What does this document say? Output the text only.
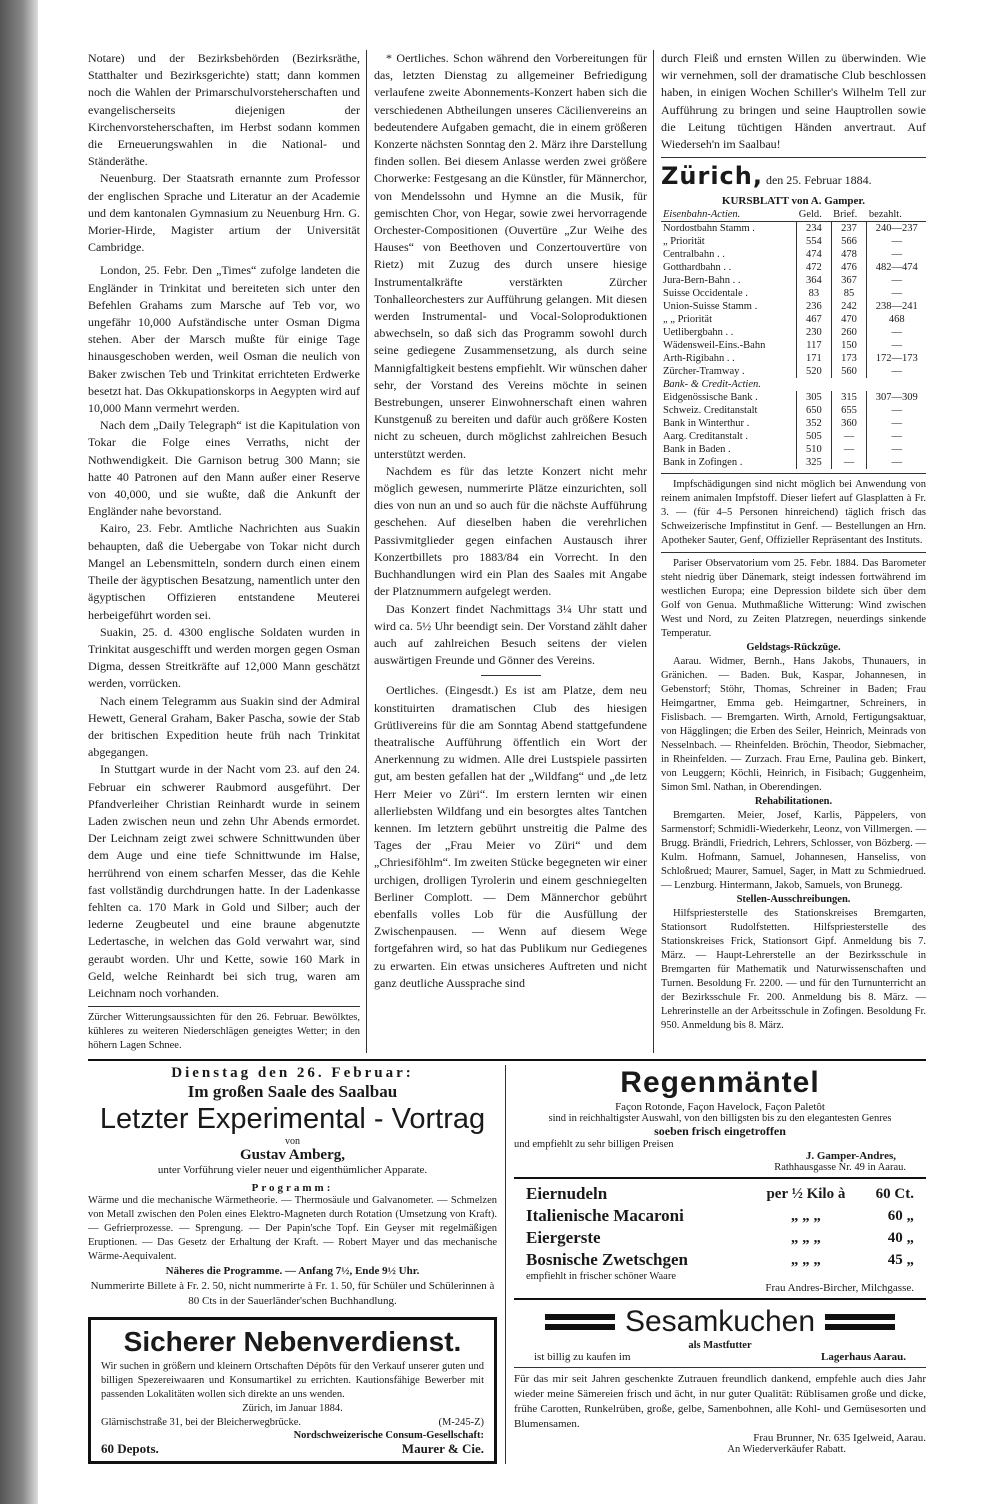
Notare) und der Bezirksbehörden (Bezirksräthe, Statthalter und Bezirksgerichte) statt; dann kommen noch die Wahlen der Primarschulvorsteherschaften und evangelischerseits diejenigen der Kirchenvorsteherschaften, im Herbst sodann kommen die Erneuerungswahlen in die National- und Ständeräthe.

Neuenburg. Der Staatsrath ernannte zum Professor der englischen Sprache und Literatur an der Academie und dem kantonalen Gymnasium zu Neuenburg Hrn. G. Morier-Hirde, Magister artium der Universität Cambridge.

London, 25. Febr. Den „Times“ zufolge landeten die Engländer in Trinkitat und bereiteten sich unter den Befehlen Grahams zum Marsche auf Teb vor, wo ungefähr 10,000 Aufständische unter Osman Digma stehen. Aber der Marsch mußte für einige Tage hinausgeschoben werden, weil Osman die neulich von Baker zwischen Teb und Trinkitat errichteten Erdwerke besetzt hat. Das Okkupationskorps in Aegypten wird auf 10,000 Mann vermehrt werden.

Nach dem „Daily Telegraph“ ist die Kapitulation von Tokar die Folge eines Verraths, nicht der Nothwendigkeit. Die Garnison betrug 300 Mann; sie hatte 40 Patronen auf den Mann außer einer Reserve von 40,000, und sie wußte, daß die Ankunft der Engländer nahe bevorstand.

Kairo, 23. Febr. Amtliche Nachrichten aus Suakin behaupten, daß die Uebergabe von Tokar nicht durch Mangel an Lebensmitteln, sondern durch einen einem Theile der ägyptischen Besatzung, namentlich unter den ägyptischen Offizieren entstandene Meuterei herbeigeführt worden sei.

Suakin, 25. d. 4300 englische Soldaten wurden in Trinkitat ausgeschifft und werden morgen gegen Osman Digma, dessen Streitkräfte auf 12,000 Mann geschätzt werden, vorrücken.

Nach einem Telegramm aus Suakin sind der Admiral Hewett, General Graham, Baker Pascha, sowie der Stab der britischen Expedition heute früh nach Trinkitat abgegangen.

In Stuttgart wurde in der Nacht vom 23. auf den 24. Februar ein schwerer Raubmord ausgeführt. Der Pfandverleiher Christian Reinhardt wurde in seinem Laden zwischen neun und zehn Uhr Abends ermordet. Der Leichnam zeigt zwei schwere Schnittwunden über dem Auge und eine tiefe Schnittwunde im Halse, herrührend von einem scharfen Messer, das die Kehle fast vollständig durchdrungen hatte. In der Ladenkasse fehlten ca. 170 Mark in Gold und Silber; auch der lederne Zeugbeutel und eine braune abgenutzte Ledertasche, in welchen das Gold verwahrt war, sind geraubt worden. Uhr und Kette, sowie 160 Mark in Geld, welche Reinhardt bei sich trug, waren am Leichnam noch vorhanden.

Zürcher Witterungsaussichten für den 26. Februar. Bewölktes, kühleres zu weiteren Niederschlägen geneigtes Wetter; in den höhern Lagen Schnee.

* Oertliches. Schon während den Vorbereitungen für das, letzten Dienstag zu allgemeiner Befriedigung verlaufene zweite Abonnements-Konzert haben sich die verschiedenen Abtheilungen unseres Cäcilienvereins an bedeutendere Aufgaben gemacht, die in einem größeren Konzerte nächsten Sonntag den 2. März ihre Darstellung finden sollen. Bei diesem Anlasse werden zwei größere Chorwerke: Festgesang an die Künstler, für Männerchor, von Mendelssohn und Hymne an die Musik, für gemischten Chor, von Hegar, sowie zwei hervorragende Orchester-Compositionen (Ouvertüre „Zur Weihe des Hauses“ von Beethoven und Conzertouvertüre von Rietz) mit Zuzug des durch unsere hiesige Instrumentalkräfte verstärkten Zürcher Tonhalleorchesters zur Aufführung gelangen. Mit diesen werden Instrumental- und Vocal-Soloproduktionen abwechseln, so daß sich das Programm sowohl durch seine gediegene Zusammensetzung, als durch seine Mannigfaltigkeit bestens empfiehlt. Wir wünschen daher sehr, der Vorstand des Vereins möchte in seinen Bestrebungen, unserer Einwohnerschaft einen wahren Kunstgenuß zu bereiten und dafür auch größere Kosten nicht zu scheuen, durch möglichst zahlreichen Besuch unterstützt werden.

Nachdem es für das letzte Konzert nicht mehr möglich gewesen, nummerirte Plätze einzurichten, soll dies von nun an und so auch für die nächste Aufführung geschehen. Auf dieselben haben die verehrlichen Passivmitglieder gegen einfachen Austausch ihrer Konzertbillets pro 1883/84 ein Vorrecht. In den Buchhandlungen wird ein Plan des Saales mit Angabe der Platznummern aufgelegt werden.

Das Konzert findet Nachmittags 3¼ Uhr statt und wird ca. 5½ Uhr beendigt sein. Der Vorstand zählt daher auch auf zahlreichen Besuch seitens der vielen auswärtigen Freunde und Gönner des Vereins.

Oertliches. (Eingesdt.) Es ist am Platze, dem neu konstituirten dramatischen Club des hiesigen Grütlivereins für die am Sonntag Abend stattgefundene theatralische Aufführung öffentlich ein Wort der Anerkennung zu widmen. Alle drei Lustspiele passirten gut, am besten gefallen hat der „Wildfang“ und „de letz Herr Meier vo Züri“. Im erstern lernten wir einen allerliebsten Wildfang und ein besorgtes altes Tantchen kennen. Im letztern gebührt unstreitig die Palme des Tages der „Frau Meier vo Züri“ und dem „Chriesiföhlm“. Im zweiten Stücke begegneten wir einer urchigen, drolligen Tyrolerin und einem geschniegelten Berliner Complott. — Dem Männerchor gebührt ebenfalls volles Lob für die Ausfüllung der Zwischenpausen. — Wenn auf diesem Wege fortgefahren wird, so hat das Publikum nur Gediegenes zu erwarten. Ein etwas unsicheres Auftreten und nicht ganz deutliche Aussprache sind

durch Fleiß und ernsten Willen zu überwinden. Wie wir vernehmen, soll der dramatische Club beschlossen haben, in einigen Wochen Schiller's Wilhelm Tell zur Aufführung zu bringen und seine Hauptrollen sowie die Leitung tüchtigen Händen anvertraut. Auf Wiederseh'n im Saalbau!

Zürich, den 25. Februar 1884.
KURSBLATT von A. Gamper.
Eisenbahn-Actien.	Geld.	Brief.	bezahlt.
Nordostbahn Stamm .	234	237	240—237
„ Priorität	554	566	—
Centralbahn . .	474	478	—
Gotthardbahn . .	472	476	482—474
Jura-Bern-Bahn . .	364	367	—
Suisse Occidentale .	83	85	—
Union-Suisse Stamm .	236	242	238—241
„ „ Priorität	467	470	468
Uetlibergbahn . .	230	260	—
Wädensweil-Eins.-Bahn	117	150	—
Arth-Rigibahn . .	171	173	172—173
Zürcher-Tramway .	520	560	—
Bank- & Credit-Actien.			
Eidgenössische Bank .	305	315	307—309
Schweiz. Creditanstalt	650	655	—
Bank in Winterthur .	352	360	—
Aarg. Creditanstalt .	505	—	—
Bank in Baden .	510	—	—
Bank in Zofingen .	325	—	—

Impfschädigungen sind nicht möglich bei Anwendung von reinem animalen Impfstoff. Dieser liefert auf Glasplatten à Fr. 3. — (für 4–5 Personen hinreichend) täglich frisch das Schweizerische Impfinstitut in Genf. — Bestellungen an Hrn. Apotheker Sauter, Genf, Offizieller Repräsentant des Instituts.

Pariser Observatorium vom 25. Febr. 1884. Das Barometer steht niedrig über Dänemark, steigt indessen fortwährend im westlichen Europa; eine Depression bildete sich über dem Golf von Genua. Muthmaßliche Witterung: Wind zwischen West und Nord, zu Zeiten Platzregen, neuerdings sinkende Temperatur.

Geldstags-Rückzüge.

Aarau. Widmer, Bernh., Hans Jakobs, Thunauers, in Gränichen. — Baden. Buk, Kaspar, Johannesen, in Gebenstorf; Stöhr, Thomas, Schreiner in Baden; Frau Heimgartner, Emma geb. Heimgartner, Schreiners, in Fislisbach. — Bremgarten. Wirth, Arnold, Fertigungsaktuar, von Hägglingen; die Erben des Seiler, Heinrich, Meinrads von Nesselnbach. — Rheinfelden. Bröchin, Theodor, Siebmacher, in Rheinfelden. — Zurzach. Frau Erne, Paulina geb. Binkert, von Leuggern; Köchli, Heinrich, in Fisibach; Guggenheim, Simon Sml. Nathan, in Oberendingen.

Rehabilitationen.

Bremgarten. Meier, Josef, Karlis, Päppelers, von Sarmenstorf; Schmidli-Wiederkehr, Leonz, von Villmergen. — Brugg. Brändli, Friedrich, Lehrers, Schlosser, von Bözberg. — Kulm. Hofmann, Samuel, Johannesen, Hanseliss, von Schloßrued; Maurer, Samuel, Sager, in Matt zu Schmiedrued. — Lenzburg. Hintermann, Jakob, Samuels, von Brunegg.

Stellen-Ausschreibungen.

Hilfspriesterstelle des Stationskreises Bremgarten, Stationsort Rudolfstetten. Hilfspriesterstelle des Stationskreises Frick, Stationsort Gipf. Anmeldung bis 7. März. — Haupt-Lehrerstelle an der Bezirksschule in Bremgarten für Mathematik und Naturwissenschaften und Turnen. Besoldung Fr. 2200. — und für den Turnunterricht an der Bezirksschule Fr. 200. Anmeldung bis 8. März. — Lehrerinstelle an der Arbeitsschule in Zofingen. Besoldung Fr. 950. Anmeldung bis 8. März.

Dienstag den 26. Februar:
Im großen Saale des Saalbau
Letzter Experimental - Vortrag
von
Gustav Amberg,
unter Vorführung vieler neuer und eigenthümlicher Apparate.
Programm:
Wärme und die mechanische Wärmetheorie. — Thermosäule und Galvanometer. — Schmelzen von Metall zwischen den Polen eines Elektro-Magneten durch Rotation (Umsetzung von Kraft). — Gefrierprozesse. — Sprengung. — Der Papin'sche Topf. Ein Geyser mit regelmäßigen Eruptionen. — Das Gesetz der Erhaltung der Kraft. — Robert Mayer und das mechanische Wärme-Aequivalent.
Näheres die Programme. — Anfang 7½, Ende 9½ Uhr.
Nummerirte Billete à Fr. 2. 50, nicht nummerirte à Fr. 1. 50, für Schüler und Schülerinnen à 80 Cts in der Sauerländer'schen Buchhandlung.
Sicherer Nebenverdienst.
Wir suchen in größern und kleinern Ortschaften Dépôts für den Verkauf unserer guten und billigen Spezereiwaaren und Konsumartikel zu errichten. Kautionsfähige Bewerber mit passenden Lokalitäten wollen sich direkte an uns wenden.
Zürich, im Januar 1884.
Glärnischstraße 31, bei der Bleicherwegbrücke.	(M-245-Z)
Nordschweizerische Consum-Gesellschaft:
60 Depots.	Maurer & Cie.
Regenmäntel
Façon Rotonde, Façon Havelock, Façon Paletôt
sind in reichhaltigster Auswahl, von den billigsten bis zu den elegantesten Genres
soeben frisch eingetroffen
und empfiehlt zu sehr billigen Preisen
J. Gamper-Andres,
Rathhausgasse Nr. 49 in Aarau.
Eiernudeln	per ½ Kilo à	60 Ct.
Italienische Macaroni	„ „ „	60 „
Eiergerste	„ „ „	40 „
Bosnische Zwetschgen	„ „ „	45 „
empfiehlt in frischer schöner Waare
Frau Andres-Bircher, Milchgasse.
Sesamkuchen
als Mastfutter
ist billig zu kaufen im	Lagerhaus Aarau.
Für das mir seit Jahren geschenkte Zutrauen freundlich dankend, empfehle auch dies Jahr wieder meine Sämereien frisch und ächt, in nur guter Qualität: Rüblisamen große und dicke, frühe Carotten, Runkelrüben, große, gelbe, Samenbohnen, alle Kohl- und Gemüsesorten und Blumensamen.
Frau Brunner, Nr. 635 Igelweid, Aarau.
An Wiederverkäufer Rabatt.
